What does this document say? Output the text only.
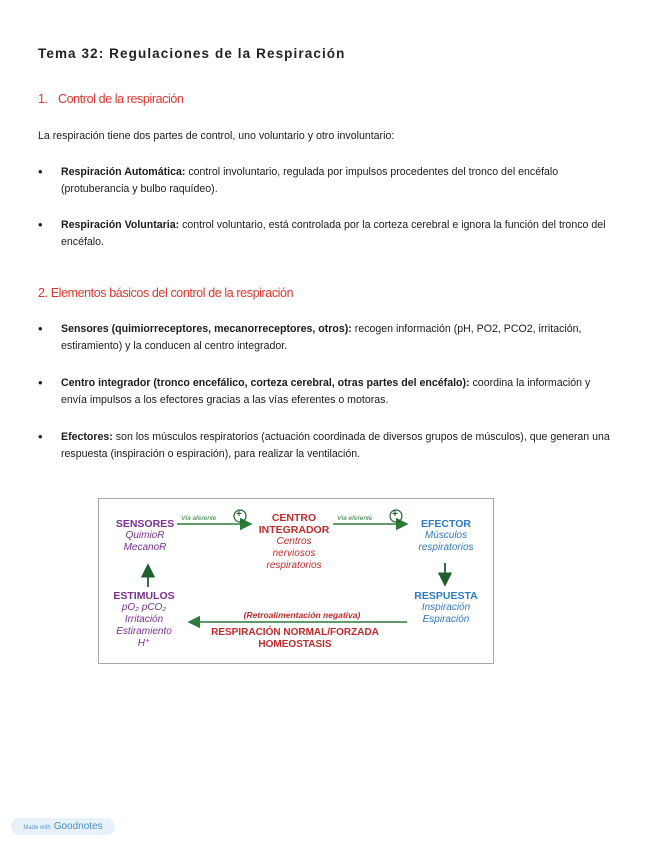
Tema 32: Regulaciones de la Respiración
1. Control de la respiración
La respiración tiene dos partes de control, uno voluntario y otro involuntario:
• Respiración Automática: control involuntario, regulada por impulsos procedentes del tronco del encéfalo (protuberancia y bulbo raquídeo).
• Respiración Voluntaria: control voluntario, está controlada por la corteza cerebral e ignora la función del tronco del encéfalo.
2. Elementos básicos del control de la respiración
• Sensores (quimiorreceptores, mecanorreceptores, otros): recogen información (pH, PO2, PCO2, irritación, estiramiento) y la conducen al centro integrador.
• Centro integrador (tronco encefálico, corteza cerebral, otras partes del encéfalo): coordina la información y envía impulsos a los efectores gracias a las vías eferentes o motoras.
• Efectores: son los músculos respiratorios (actuación coordinada de diversos grupos de músculos), que generan una respuesta (inspiración o espiración), para realizar la ventilación.
+	+
Vía aferente	Vía eferente
SENSORES
QuimioR
MecanoR
CENTRO
INTEGRADOR
Centros
nerviosos
respiratorios
EFECTOR
Músculos
respiratorios
ESTIMULOS
pO₂ pCO₂
Irritación
Estiramiento
H⁺
RESPUESTA
Inspiración
Espiración
(Retroalimentación negativa)
RESPIRACIÓN NORMAL/FORZADA
HOMEOSTASIS
Made with Goodnotes
